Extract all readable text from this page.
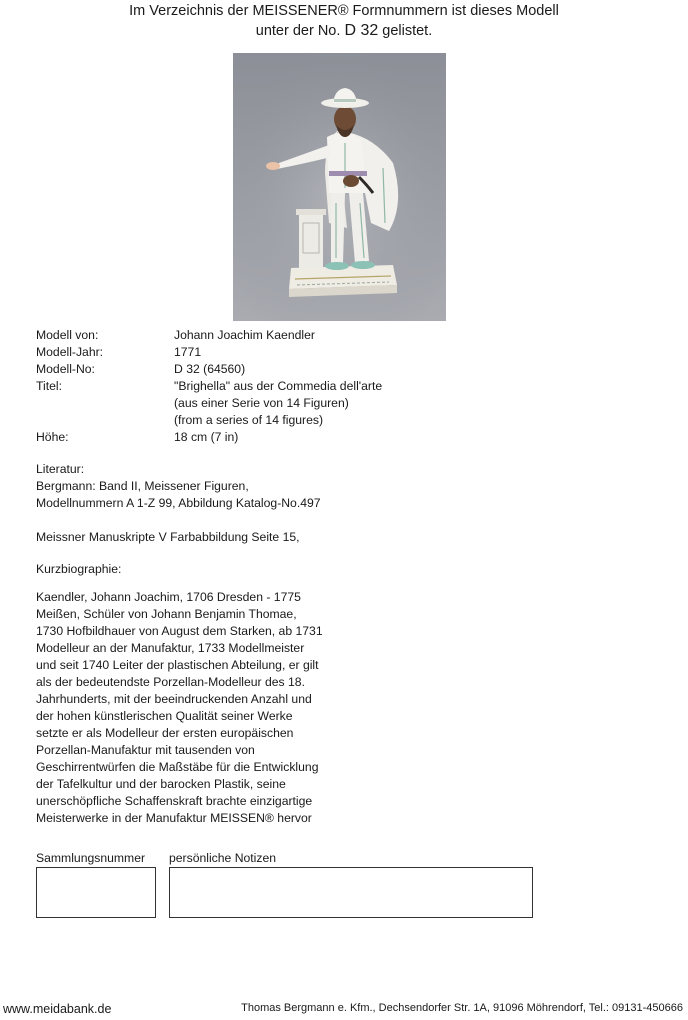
Im Verzeichnis der MEISSENER® Formnummern ist dieses Modell
unter der No. D 32 gelistet.
Modell von:	Johann Joachim Kaendler
Modell-Jahr:	1771
Modell-No:	D 32 (64560)
Titel:	"Brighella" aus der Commedia dell'arte
(aus einer Serie von 14 Figuren)
(from a series of 14 figures)
Höhe:	18 cm (7 in)
Literatur:
Bergmann: Band II, Meissener Figuren,
Modellnummern A 1-Z 99, Abbildung Katalog-No.497
Meissner Manuskripte V Farbabbildung Seite 15,
Kurzbiographie:
Kaendler, Johann Joachim, 1706 Dresden - 1775
Meißen, Schüler von Johann Benjamin Thomae,
1730 Hofbildhauer von August dem Starken, ab 1731
Modelleur an der Manufaktur, 1733 Modellmeister
und seit 1740 Leiter der plastischen Abteilung, er gilt
als der bedeutendste Porzellan-Modelleur des 18.
Jahrhunderts, mit der beeindruckenden Anzahl und
der hohen künstlerischen Qualität seiner Werke
setzte er als Modelleur der ersten europäischen
Porzellan-Manufaktur mit tausenden von
Geschirrentwürfen die Maßstäbe für die Entwicklung
der Tafelkultur und der barocken Plastik, seine
unerschöpfliche Schaffenskraft brachte einzigartige
Meisterwerke in der Manufaktur MEISSEN® hervor
Sammlungsnummer persönliche Notizen
www.meidabank.de	Thomas Bergmann e. Kfm., Dechsendorfer Str. 1A, 91096 Möhrendorf, Tel.: 09131-450666
